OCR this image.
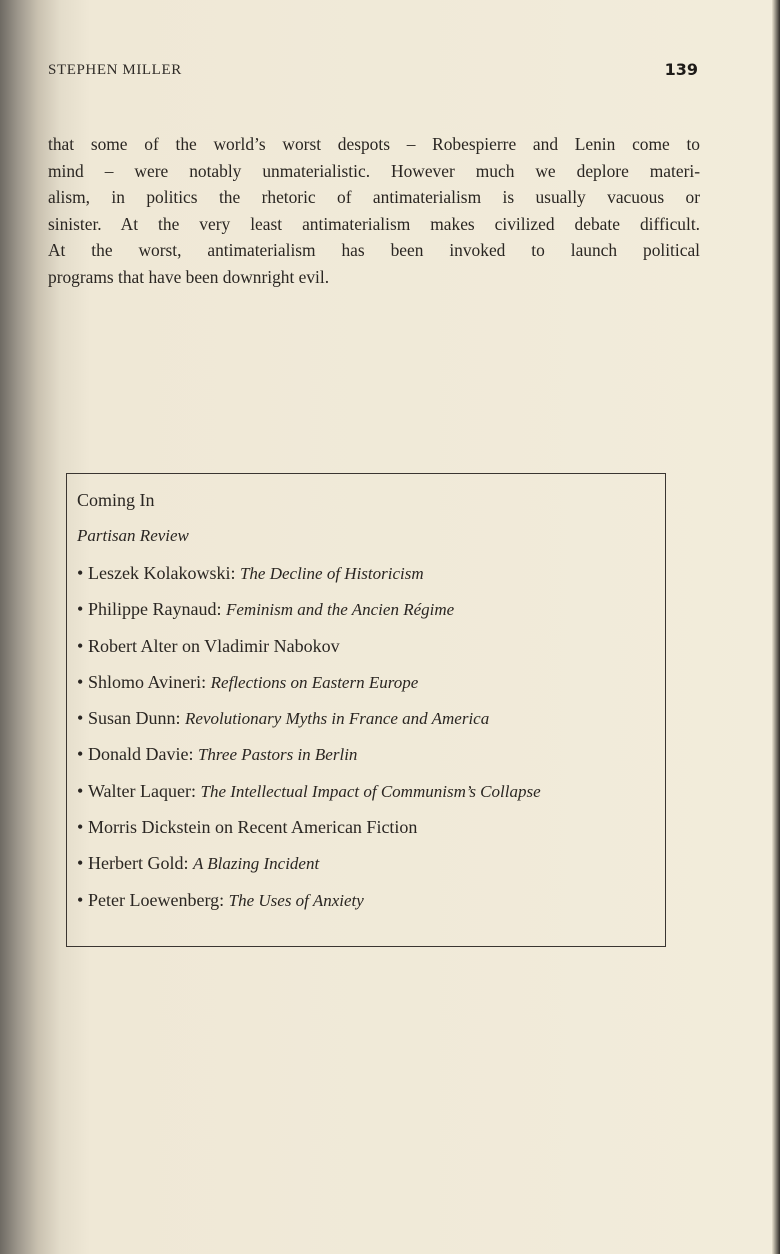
STEPHEN MILLER	139
that some of the world’s worst despots – Robespierre and Lenin come to
mind – were notably unmaterialistic. However much we deplore materi-
alism, in politics the rhetoric of antimaterialism is usually vacuous or
sinister. At the very least antimaterialism makes civilized debate difficult.
At the worst, antimaterialism has been invoked to launch political
programs that have been downright evil.
Coming In
Partisan Review
• Leszek Kolakowski: The Decline of Historicism
• Philippe Raynaud: Feminism and the Ancien Régime
• Robert Alter on Vladimir Nabokov
• Shlomo Avineri: Reflections on Eastern Europe
• Susan Dunn: Revolutionary Myths in France and America
• Donald Davie: Three Pastors in Berlin
• Walter Laquer: The Intellectual Impact of Communism’s Collapse
• Morris Dickstein on Recent American Fiction
• Herbert Gold: A Blazing Incident
• Peter Loewenberg: The Uses of Anxiety
